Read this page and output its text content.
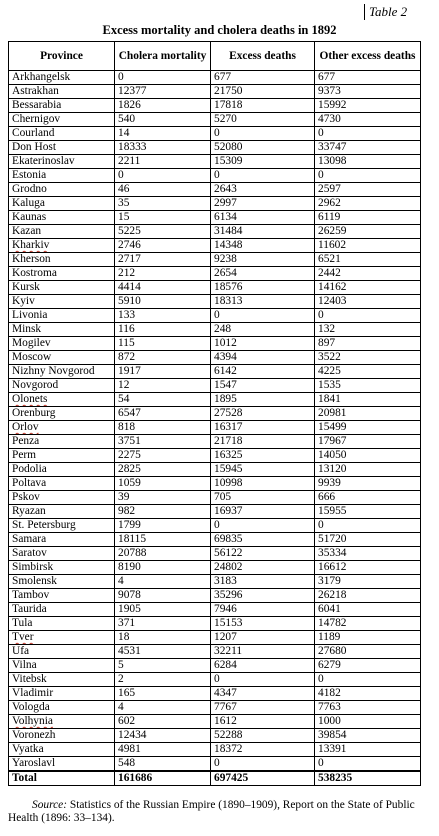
Table 2
Excess mortality and cholera deaths in 1892
Province	Cholera mortality	Excess deaths	Other excess deaths
Arkhangelsk	0	677	677
Astrakhan	12377	21750	9373
Bessarabia	1826	17818	15992
Chernigov	540	5270	4730
Courland	14	0	0
Don Host	18333	52080	33747
Ekaterinoslav	2211	15309	13098
Estonia	0	0	0
Grodno	46	2643	2597
Kaluga	35	2997	2962
Kaunas	15	6134	6119
Kazan	5225	31484	26259
Kharkiv	2746	14348	11602
Kherson	2717	9238	6521
Kostroma	212	2654	2442
Kursk	4414	18576	14162
Kyiv	5910	18313	12403
Livonia	133	0	0
Minsk	116	248	132
Mogilev	115	1012	897
Moscow	872	4394	3522
Nizhny Novgorod	1917	6142	4225
Novgorod	12	1547	1535
Olonets	54	1895	1841
Orenburg	6547	27528	20981
Orlov	818	16317	15499
Penza	3751	21718	17967
Perm	2275	16325	14050
Podolia	2825	15945	13120
Poltava	1059	10998	9939
Pskov	39	705	666
Ryazan	982	16937	15955
St. Petersburg	1799	0	0
Samara	18115	69835	51720
Saratov	20788	56122	35334
Simbirsk	8190	24802	16612
Smolensk	4	3183	3179
Tambov	9078	35296	26218
Taurida	1905	7946	6041
Tula	371	15153	14782
Tver	18	1207	1189
Ufa	4531	32211	27680
Vilna	5	6284	6279
Vitebsk	2	0	0
Vladimir	165	4347	4182
Vologda	4	7767	7763
Volhynia	602	1612	1000
Voronezh	12434	52288	39854
Vyatka	4981	18372	13391
Yaroslavl	548	0	0
Total	161686	697425	538235
Source: Statistics of the Russian Empire (1890–1909), Report on the State of Public Health (1896: 33–134).
